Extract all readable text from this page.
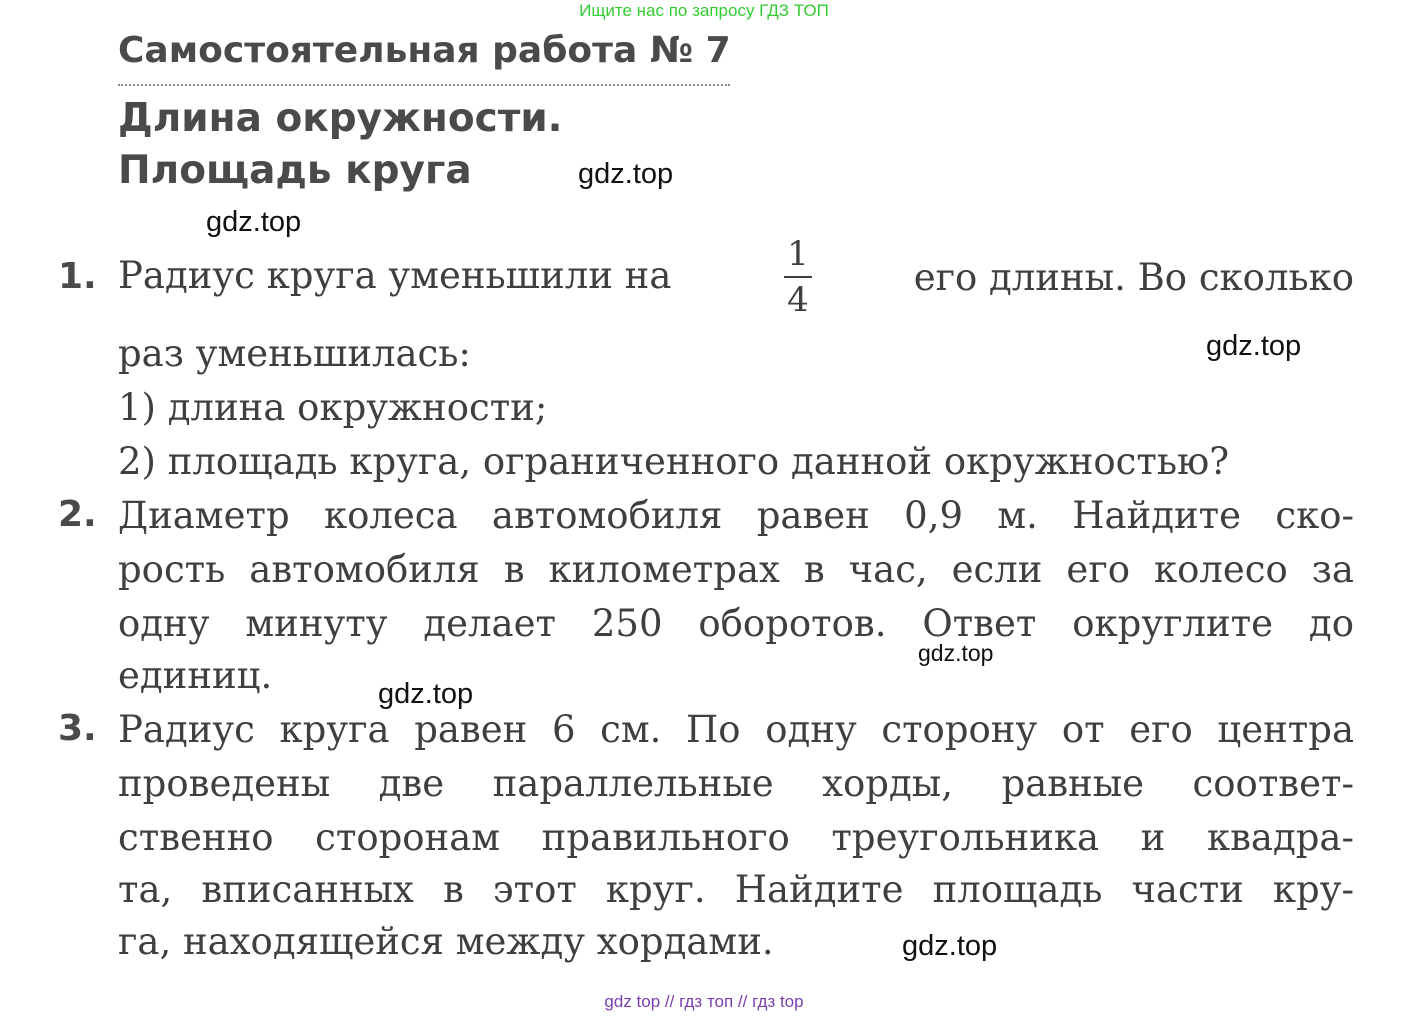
Ищите нас по запросу ГДЗ ТОП
Самостоятельная работа № 7
Длина окружности.
Площадь круга	gdz.top
gdz.top
gdz.top
gdz.top
gdz.top
gdz.top
1. Радиус круга уменьшили на	1
4
его длины. Во сколько
раз уменьшилась:
1) длина окружности;
2) площадь круга, ограниченного данной окружностью?
2. Диаметр колеса автомобиля равен 0,9 м. Найдите ско-
рость автомобиля в километрах в час, если его колесо за
одну минуту делает 250 оборотов. Ответ округлите до
единиц.
3. Радиус круга равен 6 см. По одну сторону от его центра
проведены две параллельные хорды, равные соответ-
ственно сторонам правильного треугольника и квадра-
та, вписанных в этот круг. Найдите площадь части кру-
га, находящейся между хордами.
gdz top // гдз топ // гдз top
